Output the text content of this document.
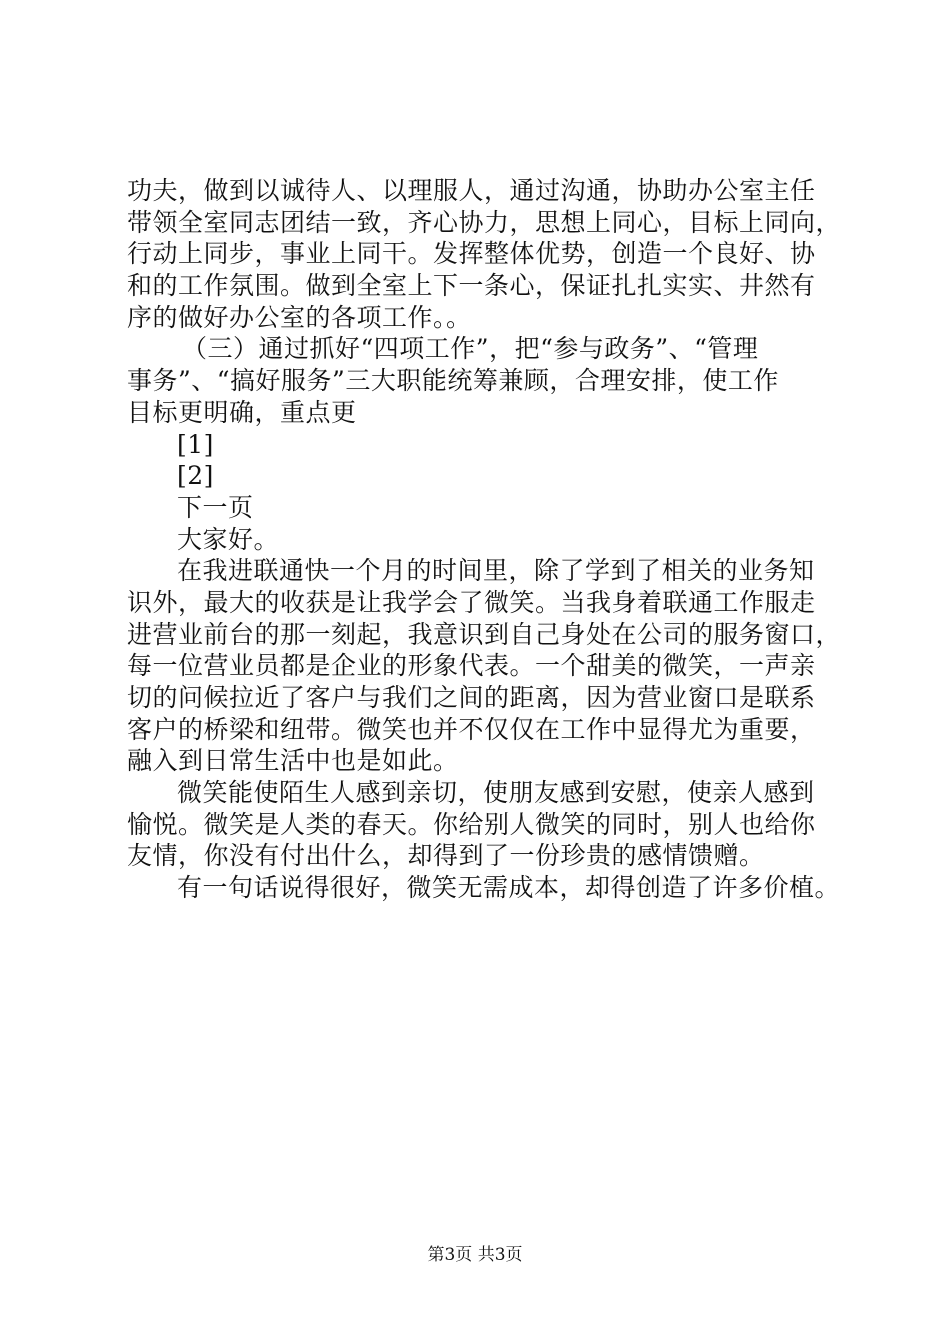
功夫，做到以诚待人、以理服人，通过沟通，协助办公室主任
带领全室同志团结一致，齐心协力，思想上同心，目标上同向，
行动上同步，事业上同干。发挥整体优势，创造一个良好、协
和的工作氛围。做到全室上下一条心，保证扎扎实实、井然有
序的做好办公室的各项工作。。
（三）通过抓好“四项工作”，把“参与政务”、“管理
事务”、“搞好服务”三大职能统筹兼顾，合理安排，使工作
目标更明确，重点更
[1]
[2]
下一页
大家好。
在我进联通快一个月的时间里，除了学到了相关的业务知
识外，最大的收获是让我学会了微笑。当我身着联通工作服走
进营业前台的那一刻起，我意识到自己身处在公司的服务窗口，
每一位营业员都是企业的形象代表。一个甜美的微笑，一声亲
切的问候拉近了客户与我们之间的距离，因为营业窗口是联系
客户的桥梁和纽带。微笑也并不仅仅在工作中显得尤为重要，
融入到日常生活中也是如此。
微笑能使陌生人感到亲切，使朋友感到安慰，使亲人感到
愉悦。微笑是人类的春天。你给别人微笑的同时，别人也给你
友情，你没有付出什么，却得到了一份珍贵的感情馈赠。
有一句话说得很好，微笑无需成本，却得创造了许多价植。
第3页 共3页
